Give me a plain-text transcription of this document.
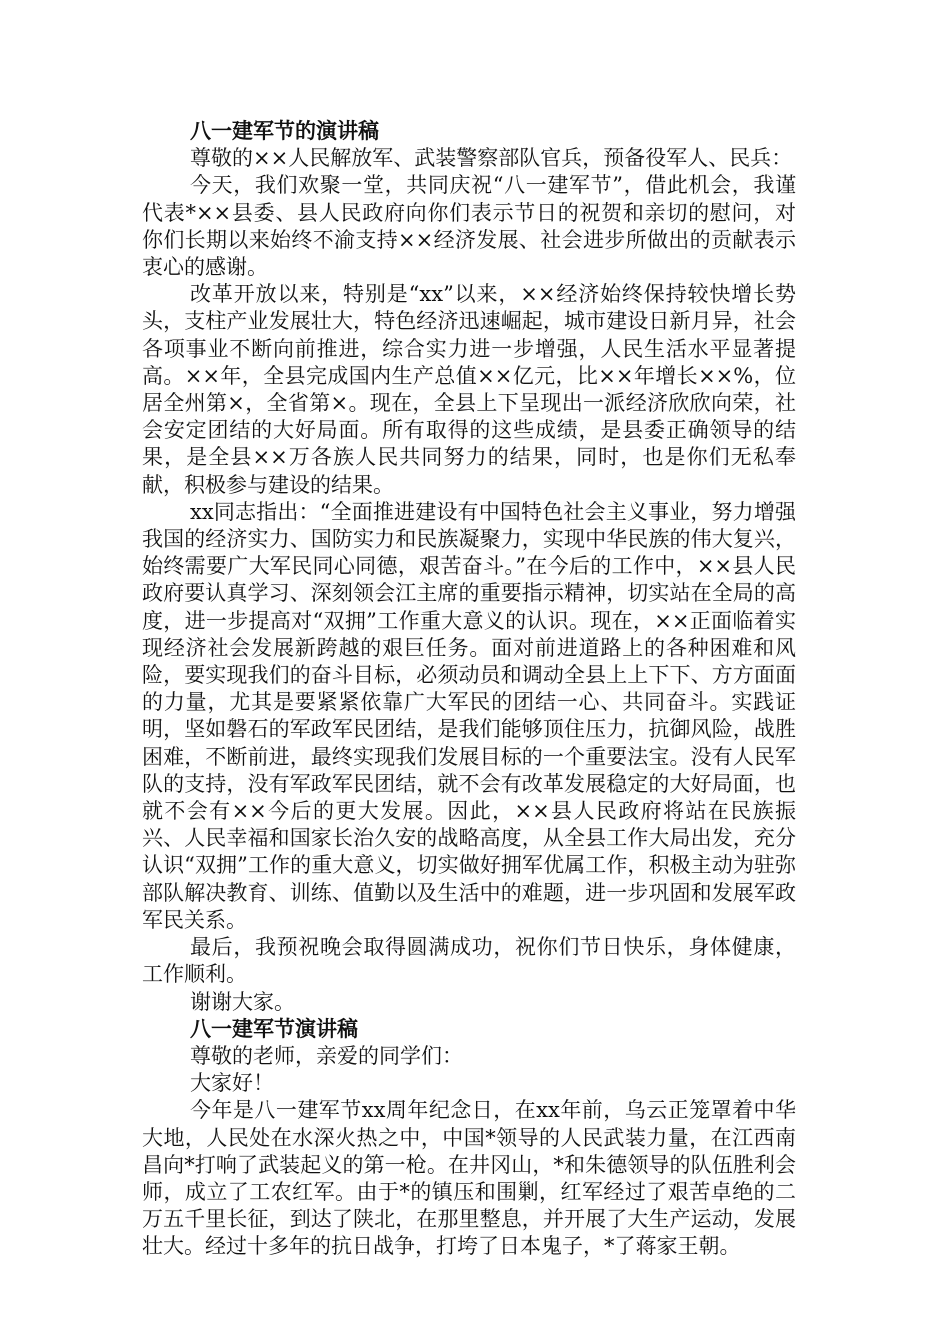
八一建军节的演讲稿

尊敬的××人民解放军、武装警察部队官兵，预备役军人、民兵：

今天，我们欢聚一堂，共同庆祝“八一建军节”，借此机会，我谨代表*××县委、县人民政府向你们表示节日的祝贺和亲切的慰问，对你们长期以来始终不渝支持××经济发展、社会进步所做出的贡献表示衷心的感谢。

改革开放以来，特别是“xx”以来，××经济始终保持较快增长势头，支柱产业发展壮大，特色经济迅速崛起，城市建设日新月异，社会各项事业不断向前推进，综合实力进一步增强，人民生活水平显著提高。××年，全县完成国内生产总值××亿元，比××年增长××%，位居全州第×，全省第×。现在，全县上下呈现出一派经济欣欣向荣，社会安定团结的大好局面。所有取得的这些成绩，是县委正确领导的结果，是全县××万各族人民共同努力的结果，同时，也是你们无私奉献，积极参与建设的结果。

xx同志指出：“全面推进建设有中国特色社会主义事业，努力增强我国的经济实力、国防实力和民族凝聚力，实现中华民族的伟大复兴，始终需要广大军民同心同德，艰苦奋斗。”在今后的工作中，××县人民政府要认真学习、深刻领会江主席的重要指示精神，切实站在全局的高度，进一步提高对“双拥”工作重大意义的认识。现在，××正面临着实现经济社会发展新跨越的艰巨任务。面对前进道路上的各种困难和风险，要实现我们的奋斗目标，必须动员和调动全县上上下下、方方面面的力量，尤其是要紧紧依靠广大军民的团结一心、共同奋斗。实践证明，坚如磐石的军政军民团结，是我们能够顶住压力，抗御风险，战胜困难，不断前进，最终实现我们发展目标的一个重要法宝。没有人民军队的支持，没有军政军民团结，就不会有改革发展稳定的大好局面，也就不会有××今后的更大发展。因此，××县人民政府将站在民族振兴、人民幸福和国家长治久安的战略高度，从全县工作大局出发，充分认识“双拥”工作的重大意义，切实做好拥军优属工作，积极主动为驻弥部队解决教育、训练、值勤以及生活中的难题，进一步巩固和发展军政军民关系。

最后，我预祝晚会取得圆满成功，祝你们节日快乐，身体健康，工作顺利。

谢谢大家。

八一建军节演讲稿

尊敬的老师，亲爱的同学们：

大家好！

今年是八一建军节xx周年纪念日，在xx年前，乌云正笼罩着中华大地，人民处在水深火热之中，中国*领导的人民武装力量，在江西南昌向*打响了武装起义的第一枪。在井冈山，*和朱德领导的队伍胜利会师，成立了工农红军。由于*的镇压和围剿，红军经过了艰苦卓绝的二万五千里长征，到达了陕北，在那里整息，并开展了大生产运动，发展壮大。经过十多年的抗日战争，打垮了日本鬼子，*了蒋家王朝。
